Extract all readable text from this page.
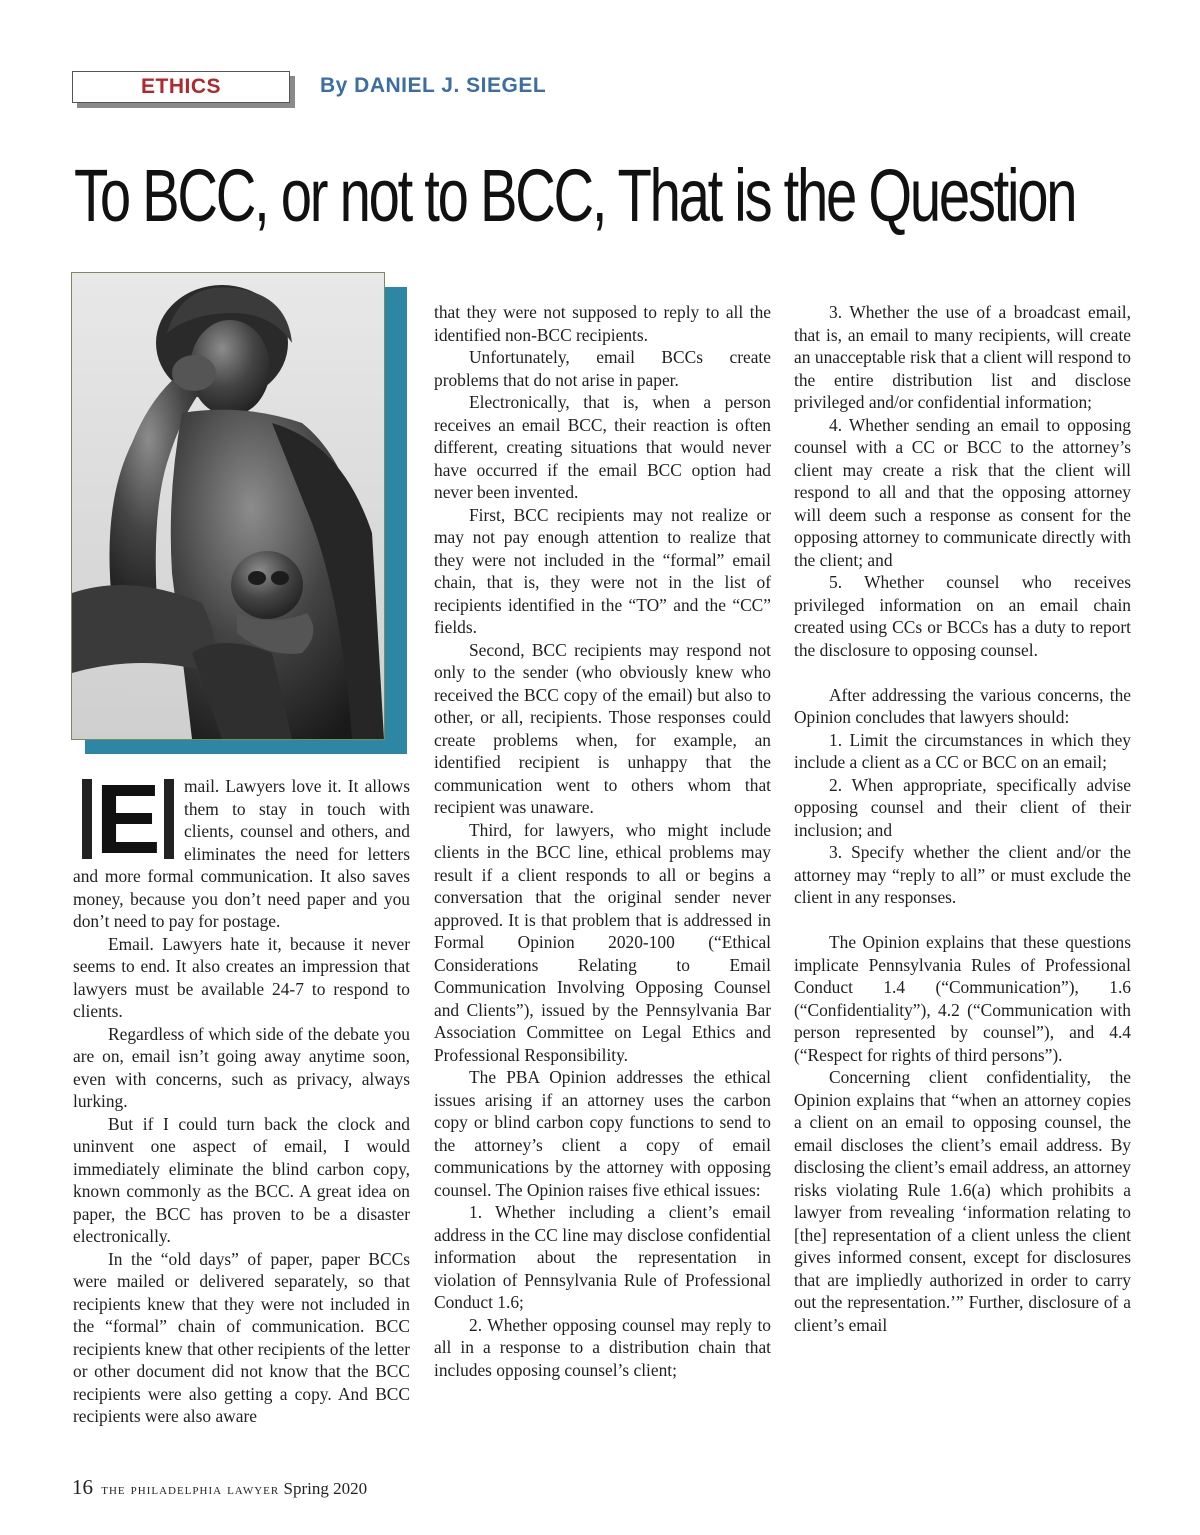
ETHICS	By DANIEL J. SIEGEL
To BCC, or not to BCC, That is the Question
E	mail. Lawyers love it. It allows them to stay in touch with clients, counsel and others, and eliminates the need for letters and more formal communication. It also saves money, because you don’t need paper and you don’t need to pay for postage.

Email. Lawyers hate it, because it never seems to end. It also creates an impression that lawyers must be available 24-7 to respond to clients.

Regardless of which side of the debate you are on, email isn’t going away anytime soon, even with concerns, such as privacy, always lurking.

But if I could turn back the clock and uninvent one aspect of email, I would immediately eliminate the blind carbon copy, known commonly as the BCC. A great idea on paper, the BCC has proven to be a disaster electronically.

In the “old days” of paper, paper BCCs were mailed or delivered separately, so that recipients knew that they were not included in the “formal” chain of communication. BCC recipients knew that other recipients of the letter or other document did not know that the BCC recipients were also getting a copy. And BCC recipients were also aware

that they were not supposed to reply to all the identified non-BCC recipients.

Unfortunately, email BCCs create problems that do not arise in paper.

Electronically, that is, when a person receives an email BCC, their reaction is often different, creating situations that would never have occurred if the email BCC option had never been invented.

First, BCC recipients may not realize or may not pay enough attention to realize that they were not included in the “formal” email chain, that is, they were not in the list of recipients identified in the “TO” and the “CC” fields.

Second, BCC recipients may respond not only to the sender (who obviously knew who received the BCC copy of the email) but also to other, or all, recipients. Those responses could create problems when, for example, an identified recipient is unhappy that the communication went to others whom that recipient was unaware.

Third, for lawyers, who might include clients in the BCC line, ethical problems may result if a client responds to all or begins a conversation that the original sender never approved. It is that problem that is addressed in Formal Opinion 2020-100 (“Ethical Considerations Relating to Email Communication Involving Opposing Counsel and Clients”), issued by the Pennsylvania Bar Association Committee on Legal Ethics and Professional Responsibility.

The PBA Opinion addresses the ethical issues arising if an attorney uses the carbon copy or blind carbon copy functions to send to the attorney’s client a copy of email communications by the attorney with opposing counsel. The Opinion raises five ethical issues:

1. Whether including a client’s email address in the CC line may disclose confidential information about the representation in violation of Pennsylvania Rule of Professional Conduct 1.6;

2. Whether opposing counsel may reply to all in a response to a distribution chain that includes opposing counsel’s client;

3. Whether the use of a broadcast email, that is, an email to many recipients, will create an unacceptable risk that a client will respond to the entire distribution list and disclose privileged and/or confidential information;

4. Whether sending an email to opposing counsel with a CC or BCC to the attorney’s client may create a risk that the client will respond to all and that the opposing attorney will deem such a response as consent for the opposing attorney to communicate directly with the client; and

5. Whether counsel who receives privileged information on an email chain created using CCs or BCCs has a duty to report the disclosure to opposing counsel.

After addressing the various concerns, the Opinion concludes that lawyers should:

1. Limit the circumstances in which they include a client as a CC or BCC on an email;

2. When appropriate, specifically advise opposing counsel and their client of their inclusion; and

3. Specify whether the client and/or the attorney may “reply to all” or must exclude the client in any responses.

The Opinion explains that these questions implicate Pennsylvania Rules of Professional Conduct 1.4 (“Communication”), 1.6 (“Confidentiality”), 4.2 (“Communication with person represented by counsel”), and 4.4 (“Respect for rights of third persons”).

Concerning client confidentiality, the Opinion explains that “when an attorney copies a client on an email to opposing counsel, the email discloses the client’s email address. By disclosing the client’s email address, an attorney risks violating Rule 1.6(a) which prohibits a lawyer from revealing ‘information relating to [the] representation of a client unless the client gives informed consent, except for disclosures that are impliedly authorized in order to carry out the representation.’” Further, disclosure of a client’s email

16 the philadelphia lawyer Spring 2020
